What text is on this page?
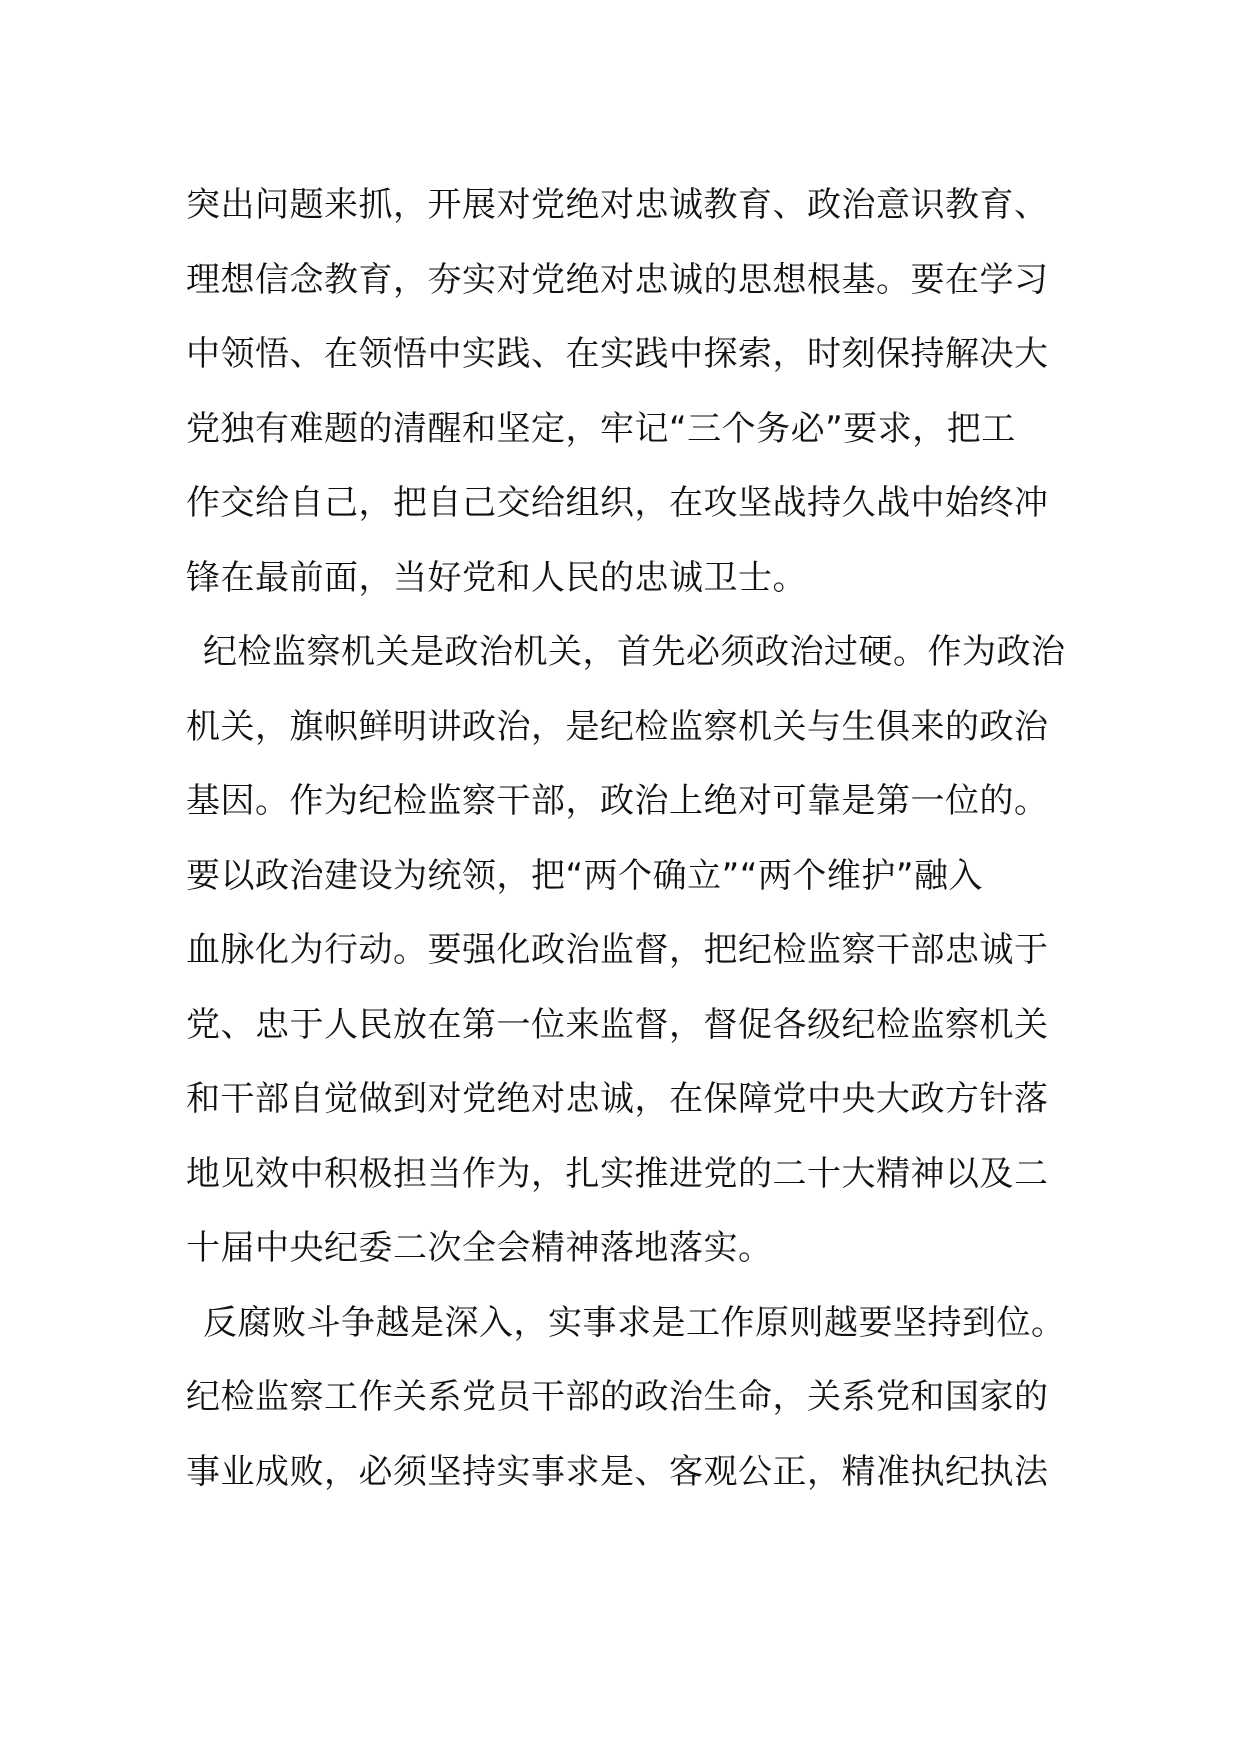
突出问题来抓，开展对党绝对忠诚教育、政治意识教育、
理想信念教育，夯实对党绝对忠诚的思想根基。要在学习
中领悟、在领悟中实践、在实践中探索，时刻保持解决大
党独有难题的清醒和坚定，牢记“三个务必”要求，把工
作交给自己，把自己交给组织，在攻坚战持久战中始终冲
锋在最前面，当好党和人民的忠诚卫士。
纪检监察机关是政治机关，首先必须政治过硬。作为政治
机关，旗帜鲜明讲政治，是纪检监察机关与生俱来的政治
基因。作为纪检监察干部，政治上绝对可靠是第一位的。
要以政治建设为统领，把“两个确立”“两个维护”融入
血脉化为行动。要强化政治监督，把纪检监察干部忠诚于
党、忠于人民放在第一位来监督，督促各级纪检监察机关
和干部自觉做到对党绝对忠诚，在保障党中央大政方针落
地见效中积极担当作为，扎实推进党的二十大精神以及二
十届中央纪委二次全会精神落地落实。
反腐败斗争越是深入，实事求是工作原则越要坚持到位。
纪检监察工作关系党员干部的政治生命，关系党和国家的
事业成败，必须坚持实事求是、客观公正，精准执纪执法
